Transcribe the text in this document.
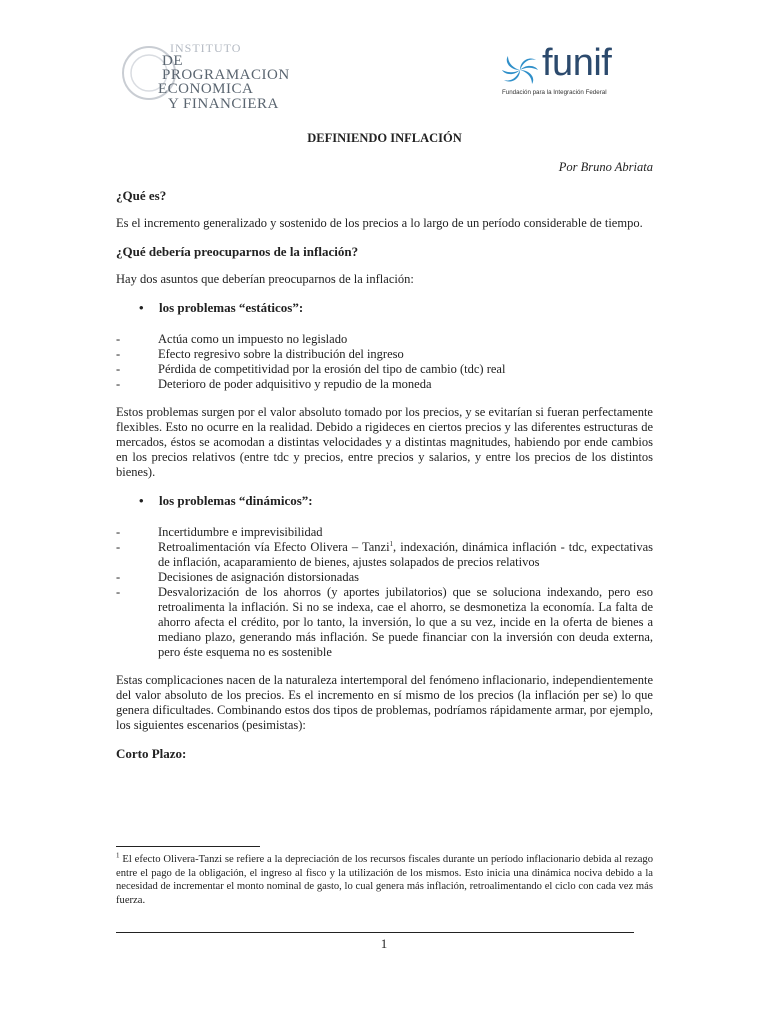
INSTITUTO
DE PROGRAMACION
ECONOMICA
Y FINANCIERA
funif
Fundación para la Integración Federal
DEFINIENDO INFLACIÓN
Por Bruno Abriata
¿Qué es?

Es el incremento generalizado y sostenido de los precios a lo largo de un período considerable de tiempo.

¿Qué debería preocuparnos de la inflación?

Hay dos asuntos que deberían preocuparnos de la inflación:

•	los problemas “estáticos”:
-	Actúa como un impuesto no legislado
-	Efecto regresivo sobre la distribución del ingreso
-	Pérdida de competitividad por la erosión del tipo de cambio (tdc) real
-	Deterioro de poder adquisitivo y repudio de la moneda

Estos problemas surgen por el valor absoluto tomado por los precios, y se evitarían si fueran perfectamente flexibles. Esto no ocurre en la realidad. Debido a rigideces en ciertos precios y las diferentes estructuras de mercados, éstos se acomodan a distintas velocidades y a distintas magnitudes, habiendo por ende cambios en los precios relativos (entre tdc y precios, entre precios y salarios, y entre los precios de los distintos bienes).

•	los problemas “dinámicos”:
-	Incertidumbre e imprevisibilidad
-	Retroalimentación vía Efecto Olivera – Tanzi$^1$, indexación, dinámica inflación - tdc, expectativas de inflación, acaparamiento de bienes, ajustes solapados de precios relativos
-	Decisiones de asignación distorsionadas
-	Desvalorización de los ahorros (y aportes jubilatorios) que se soluciona indexando, pero eso retroalimenta la inflación. Si no se indexa, cae el ahorro, se desmonetiza la economía. La falta de ahorro afecta el crédito, por lo tanto, la inversión, lo que a su vez, incide en la oferta de bienes a mediano plazo, generando más inflación. Se puede financiar con la inversión con deuda externa, pero éste esquema no es sostenible

Estas complicaciones nacen de la naturaleza intertemporal del fenómeno inflacionario, independientemente del valor absoluto de los precios. Es el incremento en sí mismo de los precios (la inflación per se) lo que genera dificultades. Combinando estos dos tipos de problemas, podríamos rápidamente armar, por ejemplo, los siguientes escenarios (pesimistas):

Corto Plazo:
$^1$ El efecto Olivera-Tanzi se refiere a la depreciación de los recursos fiscales durante un período inflacionario debida al rezago entre el pago de la obligación, el ingreso al fisco y la utilización de los mismos. Esto inicia una dinámica nociva debido a la necesidad de incrementar el monto nominal de gasto, lo cual genera más inflación, retroalimentando el ciclo con cada vez más fuerza.
1
